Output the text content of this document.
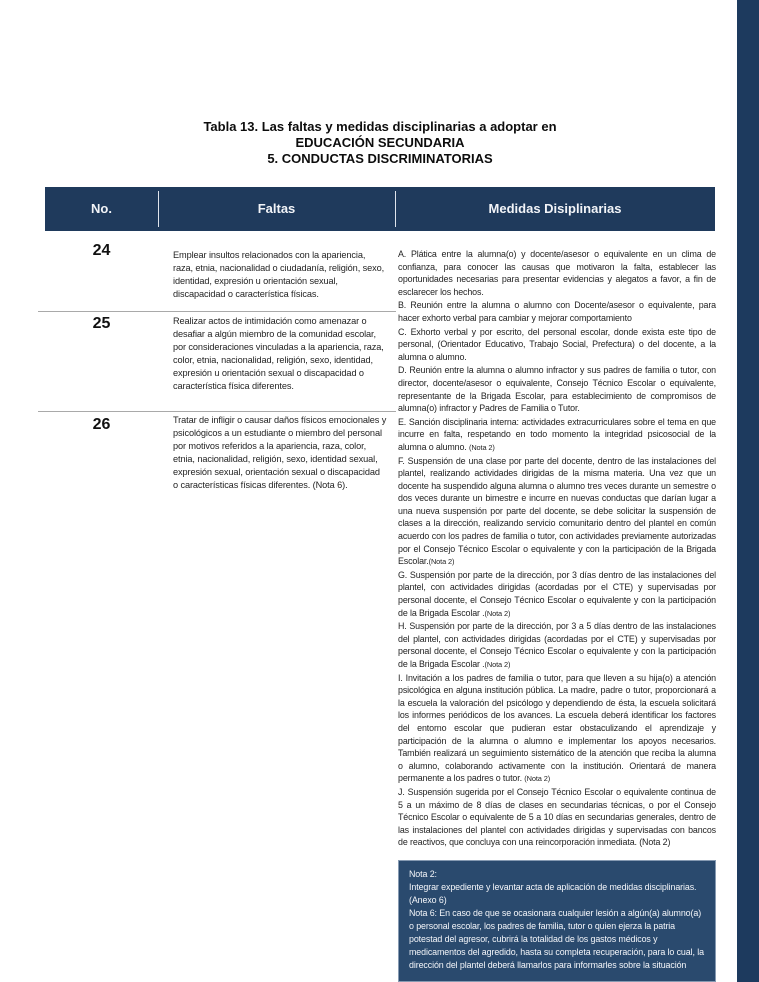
Tabla 13. Las faltas y medidas disciplinarias a adoptar en
EDUCACIÓN SECUNDARIA
5. CONDUCTAS DISCRIMINATORIAS
No.	Faltas	Medidas Disiplinarias
24	Emplear insultos relacionados con la apariencia, raza, etnia, nacionalidad o ciudadanía, religión, sexo, identidad, expresión u orientación sexual, discapacidad o característica físicas.
25	Realizar actos de intimidación como amenazar o desafiar a algún miembro de la comunidad escolar, por consideraciones vinculadas a la apariencia, raza, color, etnia, nacionalidad, religión, sexo, identidad, expresión u orientación sexual o discapacidad o característica física diferentes.
26	Tratar de infligir o causar daños físicos emocionales y psicológicos a un estudiante o miembro del personal por motivos referidos a la apariencia, raza, color, etnia, nacionalidad, religión, sexo, identidad sexual, expresión sexual, orientación sexual o discapacidad o características físicas diferentes. (Nota 6).

A. Plática entre la alumna(o) y docente/asesor o equivalente en un clima de confianza, para conocer las causas que motivaron la falta, establecer las oportunidades necesarias para presentar evidencias y alegatos a favor, a fin de esclarecer los hechos.

B. Reunión entre la alumna o alumno con Docente/asesor o equivalente, para hacer exhorto verbal para cambiar y mejorar comportamiento

C. Exhorto verbal y por escrito, del personal escolar, donde exista este tipo de personal, (Orientador Educativo, Trabajo Social, Prefectura) o del docente, a la alumna o alumno.

D. Reunión entre la alumna o alumno infractor y sus padres de familia o tutor, con director, docente/asesor o equivalente, Consejo Técnico Escolar o equivalente, representante de la Brigada Escolar, para establecimiento de compromisos de alumna(o) infractor y Padres de Familia o Tutor.

E. Sanción disciplinaria interna: actividades extracurriculares sobre el tema en que incurre en falta, respetando en todo momento la integridad psicosocial de la alumna o alumno. (Nota 2)

F. Suspensión de una clase por parte del docente, dentro de las instalaciones del plantel, realizando actividades dirigidas de la misma materia. Una vez que un docente ha suspendido alguna alumna o alumno tres veces durante un semestre o dos veces durante un bimestre e incurre en nuevas conductas que darían lugar a una nueva suspensión por parte del docente, se debe solicitar la suspensión de clases a la dirección, realizando servicio comunitario dentro del plantel en común acuerdo con los padres de familia o tutor, con actividades previamente autorizadas por el Consejo Técnico Escolar o equivalente y con la participación de la Brigada Escolar.(Nota 2)

G. Suspensión por parte de la dirección, por 3 días dentro de las instalaciones del plantel, con actividades dirigidas (acordadas por el CTE) y supervisadas por personal docente, el Consejo Técnico Escolar o equivalente y con la participación de la Brigada Escolar .(Nota 2)

H. Suspensión por parte de la dirección, por 3 a 5 días dentro de las instalaciones del plantel, con actividades dirigidas (acordadas por el CTE) y supervisadas por personal docente, el Consejo Técnico Escolar o equivalente y con la participación de la Brigada Escolar .(Nota 2)

I. Invitación a los padres de familia o tutor, para que lleven a su hija(o) a atención psicológica en alguna institución pública. La madre, padre o tutor, proporcionará a la escuela la valoración del psicólogo y dependiendo de ésta, la escuela solicitará los informes periódicos de los avances. La escuela deberá identificar los factores del entorno escolar que pudieran estar obstaculizando el aprendizaje y participación de la alumna o alumno e implementar los apoyos necesarios. También realizará un seguimiento sistemático de la atención que reciba la alumna o alumno, colaborando activamente con la institución. Orientará de manera permanente a los padres o tutor. (Nota 2)

J. Suspensión sugerida por el Consejo Técnico Escolar o equivalente continua de 5 a un máximo de 8 días de clases en secundarias técnicas, o por el Consejo Técnico Escolar o equivalente de 5 a 10 días en secundarias generales, dentro de las instalaciones del plantel con actividades dirigidas y supervisadas con bancos de reactivos, que concluya con una reincorporación inmediata. (Nota 2)

Nota 2:

Integrar expediente y levantar acta de aplicación de medidas disciplinarias.

(Anexo 6)

Nota 6: En caso de que se ocasionara cualquier lesión a algún(a) alumno(a) o personal escolar, los padres de familia, tutor o quien ejerza la patria potestad del agresor, cubrirá la totalidad de los gastos médicos y medicamentos del agredido, hasta su completa recuperación, para lo cual, la dirección del plantel deberá llamarlos para informarles sobre la situación
